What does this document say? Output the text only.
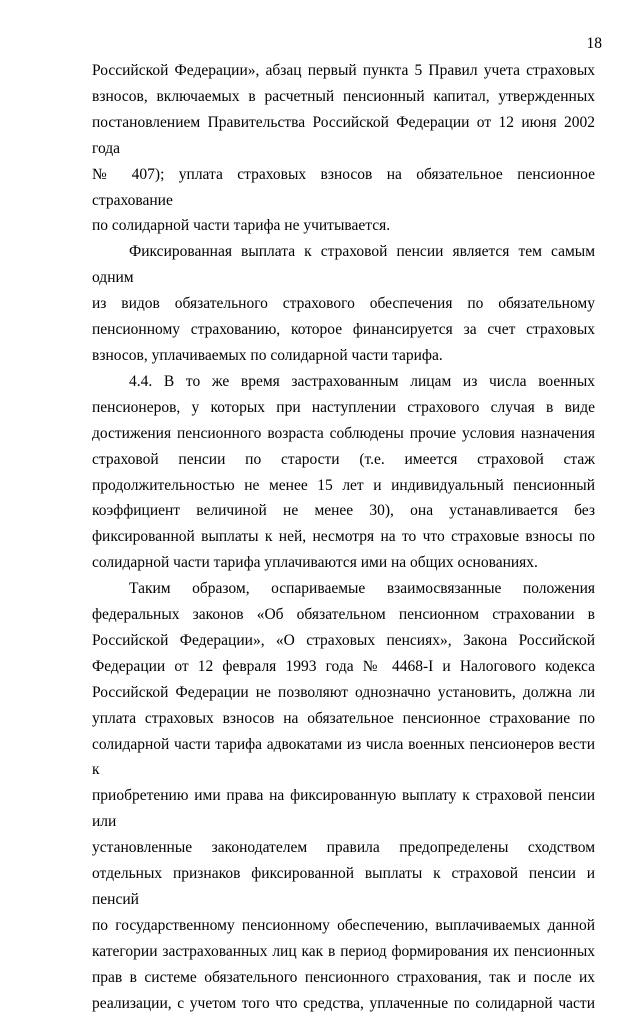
18
Российской Федерации», абзац первый пункта 5 Правил учета страховых
взносов, включаемых в расчетный пенсионный капитал, утвержденных
постановлением Правительства Российской Федерации от 12 июня 2002 года
№ 407); уплата страховых взносов на обязательное пенсионное страхование
по солидарной части тарифа не учитывается.
Фиксированная выплата к страховой пенсии является тем самым одним
из видов обязательного страхового обеспечения по обязательному
пенсионному страхованию, которое финансируется за счет страховых
взносов, уплачиваемых по солидарной части тарифа.
4.4. В то же время застрахованным лицам из числа военных
пенсионеров, у которых при наступлении страхового случая в виде
достижения пенсионного возраста соблюдены прочие условия назначения
страховой пенсии по старости (т.е. имеется страховой стаж
продолжительностью не менее 15 лет и индивидуальный пенсионный
коэффициент величиной не менее 30), она устанавливается без
фиксированной выплаты к ней, несмотря на то что страховые взносы по
солидарной части тарифа уплачиваются ими на общих основаниях.
Таким образом, оспариваемые взаимосвязанные положения
федеральных законов «Об обязательном пенсионном страховании в
Российской Федерации», «О страховых пенсиях», Закона Российской
Федерации от 12 февраля 1993 года № 4468-I и Налогового кодекса
Российской Федерации не позволяют однозначно установить, должна ли
уплата страховых взносов на обязательное пенсионное страхование по
солидарной части тарифа адвокатами из числа военных пенсионеров вести к
приобретению ими права на фиксированную выплату к страховой пенсии или
установленные законодателем правила предопределены сходством
отдельных признаков фиксированной выплаты к страховой пенсии и пенсий
по государственному пенсионному обеспечению, выплачиваемых данной
категории застрахованных лиц как в период формирования их пенсионных
прав в системе обязательного пенсионного страхования, так и после их
реализации, с учетом того что средства, уплаченные по солидарной части
